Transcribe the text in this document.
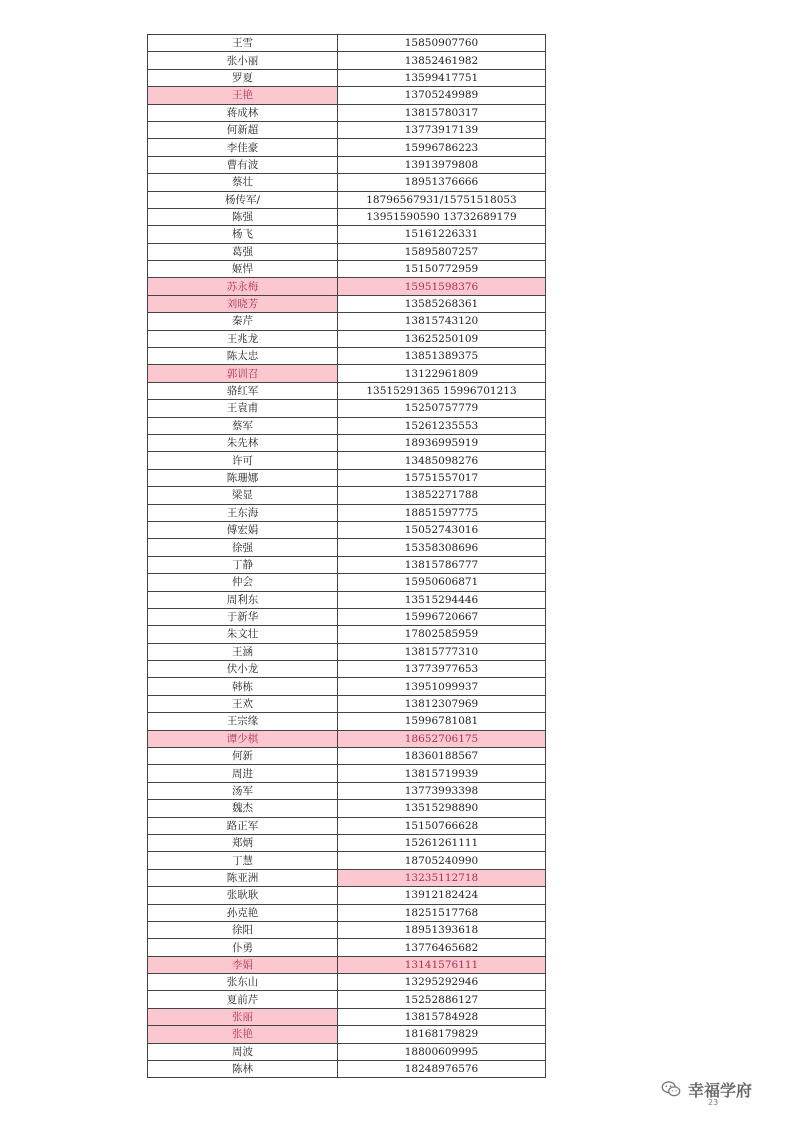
王雪	15850907760
张小丽	13852461982
罗夏	13599417751
王艳	13705249989
蒋成林	13815780317
何新超	13773917139
李佳豪	15996786223
曹有波	13913979808
蔡壮	18951376666
杨传军/	18796567931/15751518053
陈强	13951590590 13732689179
杨飞	15161226331
葛强	15895807257
姬悍	15150772959
苏永梅	15951598376
刘晓芳	13585268361
秦芹	13815743120
王兆龙	13625250109
陈太忠	13851389375
郭训召	13122961809
骆红军	13515291365 15996701213
王袁甫	15250757779
蔡军	15261235553
朱先林	18936995919
许可	13485098276
陈珊娜	15751557017
梁显	13852271788
王东海	18851597775
傅宏娟	15052743016
徐强	15358308696
丁静	13815786777
仲会	15950606871
周利东	13515294446
于新华	15996720667
朱文壮	17802585959
王涵	13815777310
伏小龙	13773977653
韩栋	13951099937
王欢	13812307969
王宗缘	15996781081
谭少棋	18652706175
何新	18360188567
周进	13815719939
汤军	13773993398
魏杰	13515298890
路正军	15150766628
郑炳	15261261111
丁慧	18705240990
陈亚洲	13235112718
张耿耿	13912182424
孙克艳	18251517768
徐阳	18951393618
仆勇	13776465682
李娟	13141576111
张东山	13295292946
夏前芹	15252886127
张丽	13815784928
张艳	18168179829
周波	18800609995
陈林	18248976576
幸福学府
23
